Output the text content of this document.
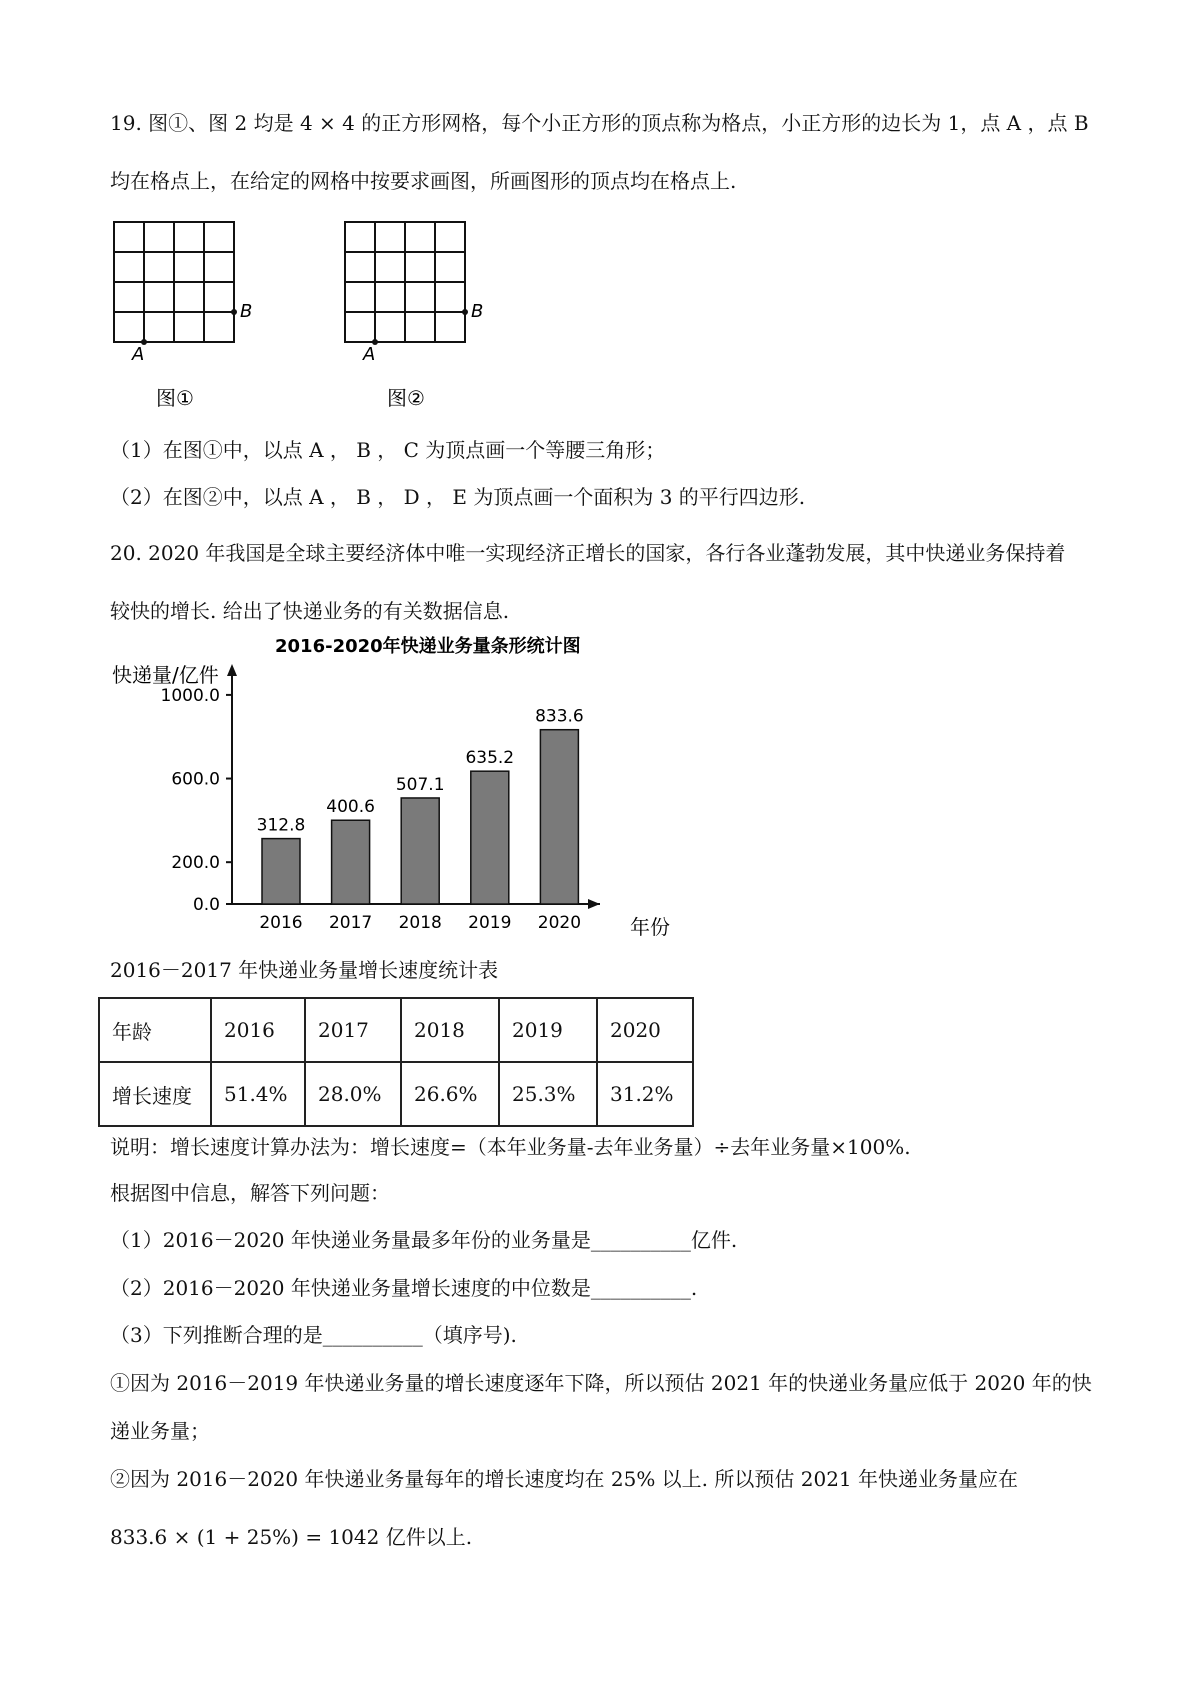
19. 图①、图 2 均是 4 × 4 的正方形网格，每个小正方形的顶点称为格点，小正方形的边长为 1，点 A ，点 B
均在格点上，在给定的网格中按要求画图，所画图形的顶点均在格点上.
B
A
图①
B
A
图②
（1）在图①中，以点 A ， B ， C 为顶点画一个等腰三角形；
（2）在图②中，以点 A ， B ， D ， E 为顶点画一个面积为 3 的平行四边形.
20. 2020 年我国是全球主要经济体中唯一实现经济正增长的国家，各行各业蓬勃发展，其中快递业务保持着
较快的增长. 给出了快递业务的有关数据信息.
2016-2020年快递业务量条形统计图
快递量/亿件
年份
0.0
200.0
600.0
1000.0
312.8
2016
400.6
2017
507.1
2018
635.2
2019
833.6
2020
2016－2017 年快递业务量增长速度统计表
年龄	2016	2017	2018	2019	2020
增长速度	51.4%	28.0%	26.6%	25.3%	31.2%
说明：增长速度计算办法为：增长速度=（本年业务量-去年业务量）÷去年业务量×100%.
根据图中信息，解答下列问题：
（1）2016－2020 年快递业务量最多年份的业务量是__________亿件.
（2）2016－2020 年快递业务量增长速度的中位数是__________.
（3）下列推断合理的是__________（填序号).
①因为 2016－2019 年快递业务量的增长速度逐年下降，所以预估 2021 年的快递业务量应低于 2020 年的快
递业务量；
②因为 2016－2020 年快递业务量每年的增长速度均在 25% 以上. 所以预估 2021 年快递业务量应在
833.6 × (1 + 25%) = 1042 亿件以上.
